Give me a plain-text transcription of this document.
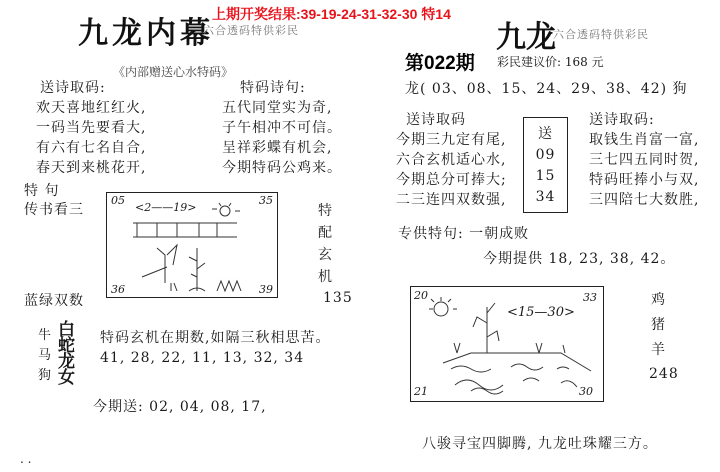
九龙内幕
六合透码特供彩民
上期开奖结果:39-19-24-31-32-30 特14
《内部赠送心水特码》
送诗取码:
欢天喜地红红火,
一码当先要看大,
有六有七名自合,
春天到来桃花开,
特码诗句:
五代同堂实为奇,
子午相冲不可信。
呈祥彩蝶有机会,
今期特码公鸡来。
特 句
传书看三
蓝绿双数
05	35
36	39
<2——19>	特
配
玄
机
135
牛
马
狗
白
蛇
龙
女
特码玄机在期数,如隔三秋相思苦。
41, 28, 22, 11, 13, 32, 34
今期送: 02, 04, 08, 17,
. .
九龙
六合透码特供彩民
第022期 彩民建议价: 168 元
龙( 03、08、15、24、29、38、42) 狗
送诗取码
今期三九定有尾,
六合玄机适心水,
今期总分可捧大;
二三连四双数强,
送
09
15
34
送诗取码:
取钱生肖富一富,
三七四五同时贺,
特码旺捧小与双,
三四陪七大数胜,
专供特句: 一朝成败
今期提供 18, 23, 38, 42。
20	33
21	30
<15—30>
鸡
猪
羊
248
八骏寻宝四脚腾, 九龙吐珠耀三方。
